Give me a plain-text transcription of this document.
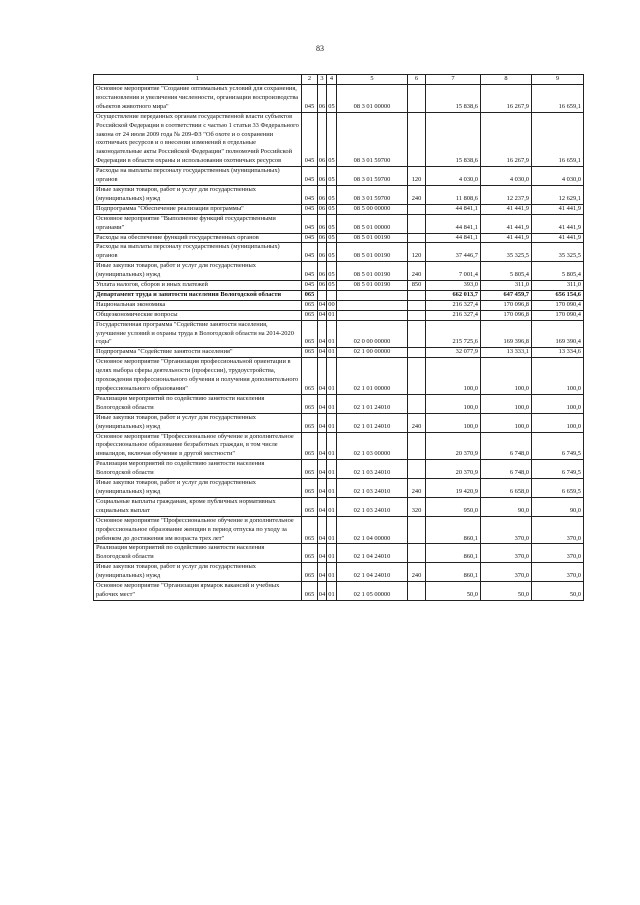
83
1	2	3	4	5	6	7	8	9
Основное мероприятие "Создание оптимальных условий для сохранения, восстановления и увеличения численности, организации воспроизводства объектов животного мира"	045	06	05	08 3 01 00000		15 838,6	16 267,9	16 659,1
Осуществление переданных органам государственной власти субъектов Российской Федерации в соответствии с частью 1 статьи 33 Федерального закона от 24 июля 2009 года № 209-ФЗ "Об охоте и о сохранении охотничьих ресурсов и о внесении изменений в отдельные законодательные акты Российской Федерации" полномочий Российской Федерации в области охраны и использования охотничьих ресурсов	045	06	05	08 3 01 59700		15 838,6	16 267,9	16 659,1
Расходы на выплаты персоналу государственных (муниципальных) органов	045	06	05	08 3 01 59700	120	4 030,0	4 030,0	4 030,0
Иные закупки товаров, работ и услуг для государственных (муниципальных) нужд	045	06	05	08 3 01 59700	240	11 808,6	12 237,9	12 629,1
Подпрограмма "Обеспечение реализации программы"	045	06	05	08 5 00 00000		44 841,1	41 441,9	41 441,9
Основное мероприятие "Выполнение функций государственными органами"	045	06	05	08 5 01 00000		44 841,1	41 441,9	41 441,9
Расходы на обеспечение функций государственных органов	045	06	05	08 5 01 00190		44 841,1	41 441,9	41 441,9
Расходы на выплаты персоналу государственных (муниципальных) органов	045	06	05	08 5 01 00190	120	37 446,7	35 325,5	35 325,5
Иные закупки товаров, работ и услуг для государственных (муниципальных) нужд	045	06	05	08 5 01 00190	240	7 001,4	5 805,4	5 805,4
Уплата налогов, сборов и иных платежей	045	06	05	08 5 01 00190	850	393,0	311,0	311,0
Департамент труда и занятости населения Вологодской области	065					662 013,7	647 459,7	656 154,6
Национальная экономика	065	04	00			216 327,4	170 096,8	170 090,4
Общеэкономические вопросы	065	04	01			216 327,4	170 096,8	170 090,4
Государственная программа "Содействие занятости населения, улучшение условий и охраны труда в Вологодской области на 2014-2020 годы"	065	04	01	02 0 00 00000		215 725,6	169 396,8	169 390,4
Подпрограмма "Содействие занятости населения"	065	04	01	02 1 00 00000		32 077,9	13 333,1	13 334,6
Основное мероприятие "Организация профессиональной ориентации в целях выбора сферы деятельности (профессии), трудоустройства, прохождения профессионального обучения и получения дополнительного профессионального образования"	065	04	01	02 1 01 00000		100,0	100,0	100,0
Реализация мероприятий по содействию занятости населения Вологодской области	065	04	01	02 1 01 24010		100,0	100,0	100,0
Иные закупки товаров, работ и услуг для государственных (муниципальных) нужд	065	04	01	02 1 01 24010	240	100,0	100,0	100,0
Основное мероприятие "Профессиональное обучение и дополнительное профессиональное образование безработных граждан, в том числе инвалидов, включая обучение в другой местности"	065	04	01	02 1 03 00000		20 370,9	6 748,0	6 749,5
Реализация мероприятий по содействию занятости населения Вологодской области	065	04	01	02 1 03 24010		20 370,9	6 748,0	6 749,5
Иные закупки товаров, работ и услуг для государственных (муниципальных) нужд	065	04	01	02 1 03 24010	240	19 420,9	6 658,0	6 659,5
Социальные выплаты гражданам, кроме публичных нормативных социальных выплат	065	04	01	02 1 03 24010	320	950,0	90,0	90,0
Основное мероприятие "Профессиональное обучение и дополнительное профессиональное образование женщин в период отпуска по уходу за ребенком до достижения им возраста трех лет"	065	04	01	02 1 04 00000		860,1	370,0	370,0
Реализация мероприятий по содействию занятости населения Вологодской области	065	04	01	02 1 04 24010		860,1	370,0	370,0
Иные закупки товаров, работ и услуг для государственных (муниципальных) нужд	065	04	01	02 1 04 24010	240	860,1	370,0	370,0
Основное мероприятие "Организация ярмарок вакансий и учебных рабочих мест"	065	04	01	02 1 05 00000		50,0	50,0	50,0
